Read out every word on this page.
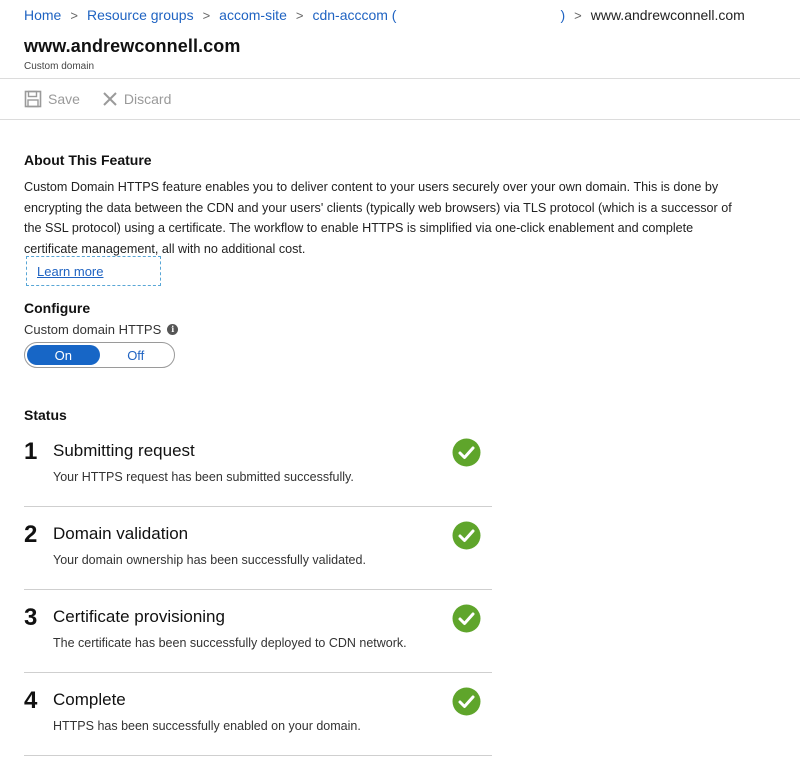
Home > Resource groups > accom-site > cdn-acccom (	) > www.andrewconnell.com
www.andrewconnell.com
Custom domain
Save	Discard
About This Feature
Custom Domain HTTPS feature enables you to deliver content to your users securely over your own domain. This is done by
encrypting the data between the CDN and your users' clients (typically web browsers) via TLS protocol (which is a successor of
the SSL protocol) using a certificate. The workflow to enable HTTPS is simplified via one-click enablement and complete
certificate management, all with no additional cost.
Learn more
Configure
Custom domain HTTPS	i
On	Off
Status
1 Submitting request
Your HTTPS request has been submitted successfully.
2 Domain validation
Your domain ownership has been successfully validated.
3 Certificate provisioning
The certificate has been successfully deployed to CDN network.
4 Complete
HTTPS has been successfully enabled on your domain.
